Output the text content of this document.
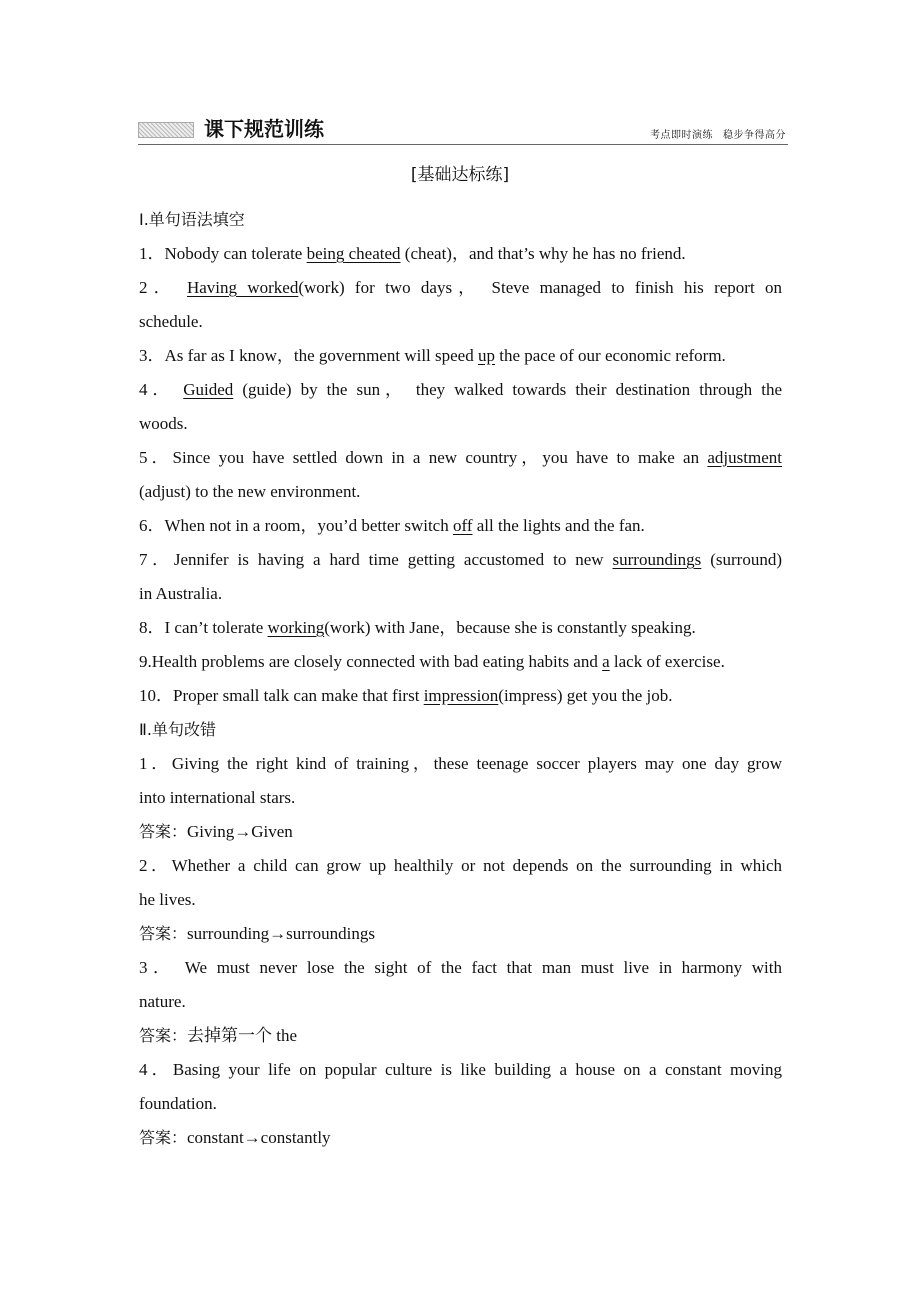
课下规范训练	考点即时演练 稳步争得高分
[基础达标练]
Ⅰ.单句语法填空
1．Nobody can tolerate being cheated (cheat)，and that’s why he has no friend.
2． Having worked(work) for two days， Steve managed to finish his report on
schedule.
3．As far as I know，the government will speed up the pace of our economic reform.
4． Guided (guide) by the sun， they walked towards their destination through the
woods.
5．Since you have settled down in a new country，you have to make an adjustment
(adjust) to the new environment.
6．When not in a room，you’d better switch off all the lights and the fan.
7．Jennifer is having a hard time getting accustomed to new surroundings (surround)
in Australia.
8．I can’t tolerate working(work) with Jane，because she is constantly speaking.
9.Health problems are closely connected with bad eating habits and a lack of exercise.
10．Proper small talk can make that first impression(impress) get you the job.
Ⅱ.单句改错
1．Giving the right kind of training，these teenage soccer players may one day grow
into international stars.
答案：Giving→Given
2．Whether a child can grow up healthily or not depends on the surrounding in which
he lives.
答案：surrounding→surroundings
3． We must never lose the sight of the fact that man must live in harmony with
nature.
答案：去掉第一个 the
4．Basing your life on popular culture is like building a house on a constant moving
foundation.
答案：constant→constantly
